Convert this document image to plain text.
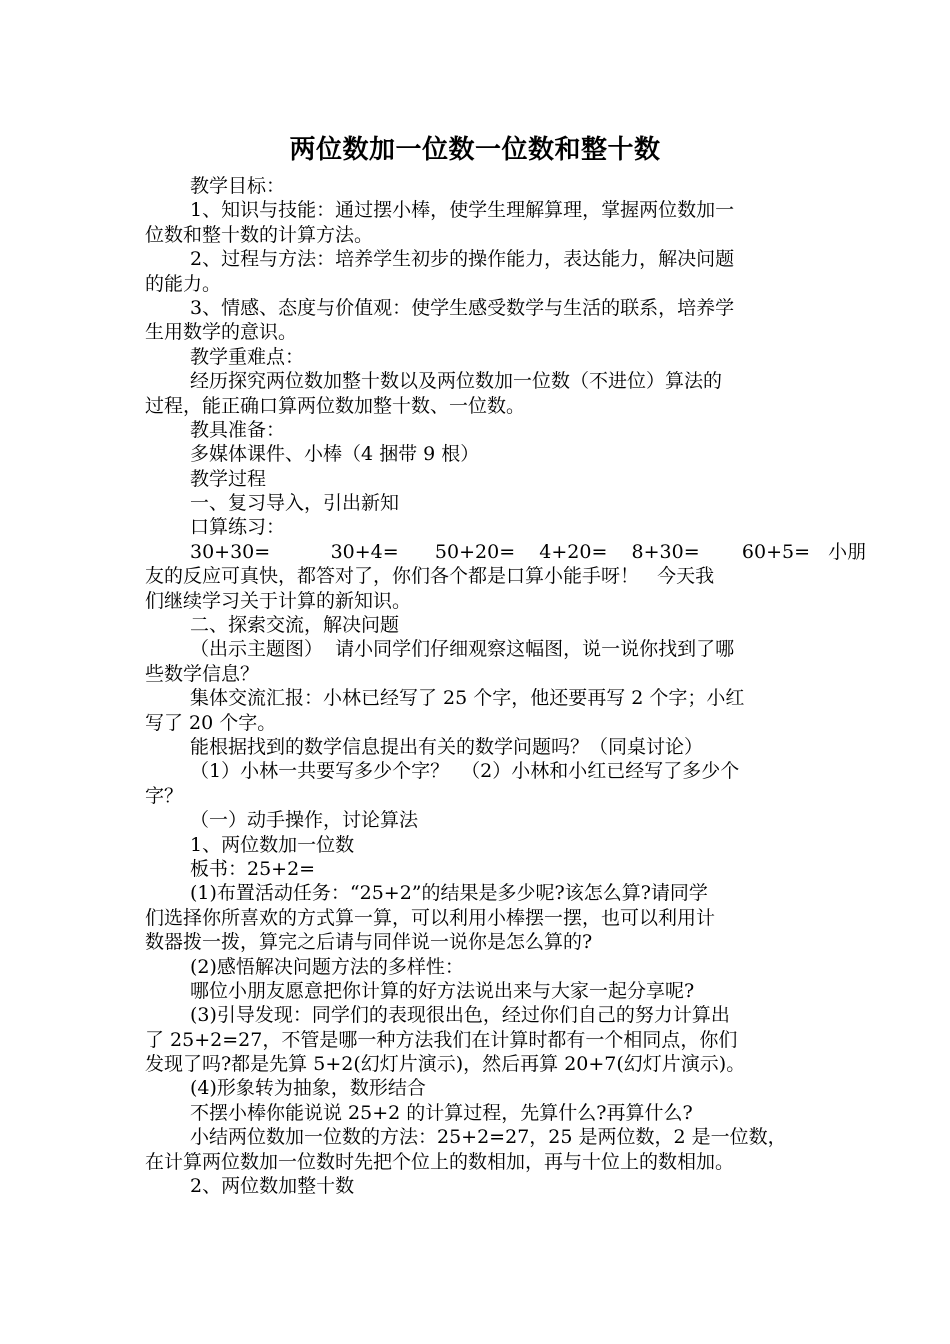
两位数加一位数一位数和整十数
教学目标：
1、知识与技能：通过摆小棒，使学生理解算理，掌握两位数加一
位数和整十数的计算方法。
2、过程与方法：培养学生初步的操作能力，表达能力，解决问题
的能力。
3、情感、态度与价值观：使学生感受数学与生活的联系，培养学
生用数学的意识。
教学重难点：
经历探究两位数加整十数以及两位数加一位数（不进位）算法的
过程，能正确口算两位数加整十数、一位数。
教具准备：
多媒体课件、小棒（4 捆带 9 根）
教学过程
一、复习导入，引出新知
口算练习：
30+30=          30+4=      50+20=    4+20=    8+30=       60+5=   小朋
友的反应可真快，都答对了，你们各个都是口算小能手呀！   今天我
们继续学习关于计算的新知识。
二、探索交流，解决问题
（出示主题图）  请小同学们仔细观察这幅图，说一说你找到了哪
些数学信息？
集体交流汇报：小林已经写了 25 个字，他还要再写 2 个字；小红
写了 20 个字。
能根据找到的数学信息提出有关的数学问题吗？（同桌讨论）
（1）小林一共要写多少个字？  （2）小林和小红已经写了多少个
字？
（一）动手操作，讨论算法
1、两位数加一位数
板书：25+2=
(1)布置活动任务：“25+2”的结果是多少呢?该怎么算?请同学
们选择你所喜欢的方式算一算，可以利用小棒摆一摆，也可以利用计
数器拨一拨，算完之后请与同伴说一说你是怎么算的?
(2)感悟解决问题方法的多样性：
哪位小朋友愿意把你计算的好方法说出来与大家一起分享呢?
(3)引导发现：同学们的表现很出色，经过你们自己的努力计算出
了 25+2=27，不管是哪一种方法我们在计算时都有一个相同点，你们
发现了吗?都是先算 5+2(幻灯片演示)，然后再算 20+7(幻灯片演示)。
(4)形象转为抽象，数形结合
不摆小棒你能说说 25+2 的计算过程，先算什么?再算什么?
小结两位数加一位数的方法：25+2=27，25 是两位数，2 是一位数，
在计算两位数加一位数时先把个位上的数相加，再与十位上的数相加。
2、两位数加整十数
